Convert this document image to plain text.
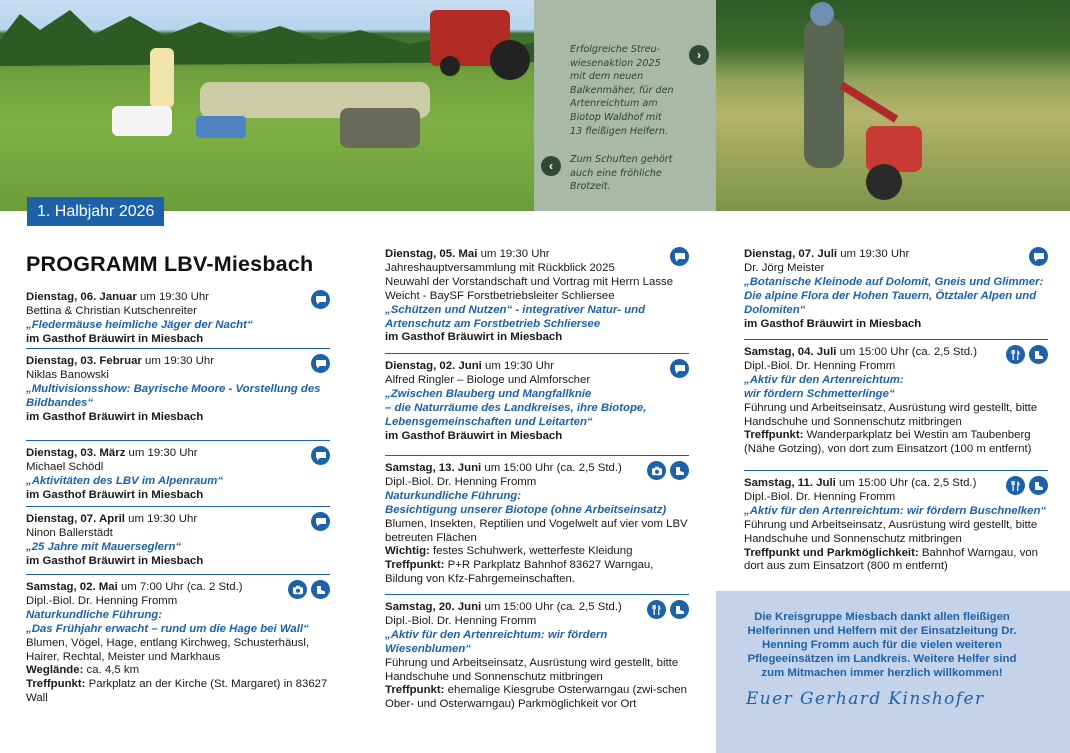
Erfolgreiche Streu-
wiesenaktion 2025
mit dem neuen
Balkenmäher, für den
Artenreichtum am
Biotop Waldhof mit
13 fleißigen Helfern.
Zum Schuften gehört
auch eine fröhliche
Brotzeit.
›
‹
1. Halbjahr 2026
PROGRAMM LBV-Miesbach
Dienstag, 06. Januar um 19:30 Uhr
Bettina & Christian Kutschenreiter
„Fledermäuse heimliche Jäger der Nacht“
im Gasthof Bräuwirt in Miesbach
Dienstag, 03. Februar um 19:30 Uhr
Niklas Banowski
„Multivisionsshow: Bayrische Moore - Vorstellung des Bildbandes“
im Gasthof Bräuwirt in Miesbach
Dienstag, 03. März um 19:30 Uhr
Michael Schödl
„Aktivitäten des LBV im Alpenraum“
im Gasthof Bräuwirt in Miesbach
Dienstag, 07. April um 19:30 Uhr
Ninon Ballerstädt
„25 Jahre mit Mauerseglern“
im Gasthof Bräuwirt in Miesbach
Samstag, 02. Mai um 7:00 Uhr (ca. 2 Std.)
Dipl.-Biol. Dr. Henning Fromm
Naturkundliche Führung:
„Das Frühjahr erwacht – rund um die Hage bei Wall“
Blumen, Vögel, Hage, entlang Kirchweg, Schusterhäusl, Hairer, Rechtal, Meister und Markhaus
Weglände: ca. 4,5 km
Treffpunkt: Parkplatz an der Kirche (St. Margaret) in 83627 Wall
Dienstag, 05. Mai um 19:30 Uhr
Jahreshauptversammlung mit Rückblick 2025
Neuwahl der Vorstandschaft und Vortrag mit Herrn Lasse Weicht - BaySF Forstbetriebsleiter Schliersee
„Schützen und Nutzen“ - integrativer Natur- und Artenschutz am Forstbetrieb Schliersee
im Gasthof Bräuwirt in Miesbach
Dienstag, 02. Juni um 19:30 Uhr
Alfred Ringler – Biologe und Almforscher
„Zwischen Blauberg und Mangfallknie
– die Naturräume des Landkreises, ihre Biotope, Lebensgemeinschaften und Leitarten“
im Gasthof Bräuwirt in Miesbach
Samstag, 13. Juni um 15:00 Uhr (ca. 2,5 Std.)
Dipl.-Biol. Dr. Henning Fromm
Naturkundliche Führung:
Besichtigung unserer Biotope (ohne Arbeitseinsatz)
Blumen, Insekten, Reptilien und Vogelwelt auf vier vom LBV betreuten Flächen
Wichtig: festes Schuhwerk, wetterfeste Kleidung
Treffpunkt: P+R Parkplatz Bahnhof 83627 Warngau, Bildung von Kfz-Fahrgemeinschaften.
Samstag, 20. Juni um 15:00 Uhr (ca. 2,5 Std.)
Dipl.-Biol. Dr. Henning Fromm
„Aktiv für den Artenreichtum: wir fördern Wiesenblumen“
Führung und Arbeitseinsatz, Ausrüstung wird gestellt, bitte Handschuhe und Sonnenschutz mitbringen
Treffpunkt: ehemalige Kiesgrube Osterwarngau (zwi-schen Ober- und Osterwarngau) Parkmöglichkeit vor Ort
Dienstag, 07. Juli um 19:30 Uhr
Dr. Jörg Meister
„Botanische Kleinode auf Dolomit, Gneis und Glimmer: Die alpine Flora der Hohen Tauern, Ötztaler Alpen und Dolomiten“
im Gasthof Bräuwirt in Miesbach
Samstag, 04. Juli um 15:00 Uhr (ca. 2,5 Std.)
Dipl.-Biol. Dr. Henning Fromm
„Aktiv für den Artenreichtum:
wir fördern Schmetterlinge“
Führung und Arbeitseinsatz, Ausrüstung wird gestellt, bitte Handschuhe und Sonnenschutz mitbringen
Treffpunkt: Wanderparkplatz bei Westin am Taubenberg (Nähe Gotzing), von dort zum Einsatzort (100 m entfernt)
Samstag, 11. Juli um 15:00 Uhr (ca. 2,5 Std.)
Dipl.-Biol. Dr. Henning Fromm
„Aktiv für den Artenreichtum: wir fördern Buschnelken“
Führung und Arbeitseinsatz, Ausrüstung wird gestellt, bitte Handschuhe und Sonnenschutz mitbringen
Treffpunkt und Parkmöglichkeit: Bahnhof Warngau, von dort aus zum Einsatzort (800 m entfernt)
Die Kreisgruppe Miesbach dankt allen fleißigen Helferinnen und Helfern mit der Einsatzleitung Dr. Henning Fromm auch für die vielen weiteren Pflegeeinsätzen im Landkreis. Weitere Helfer sind zum Mitmachen immer herzlich willkommen!
Euer Gerhard Kinshofer
